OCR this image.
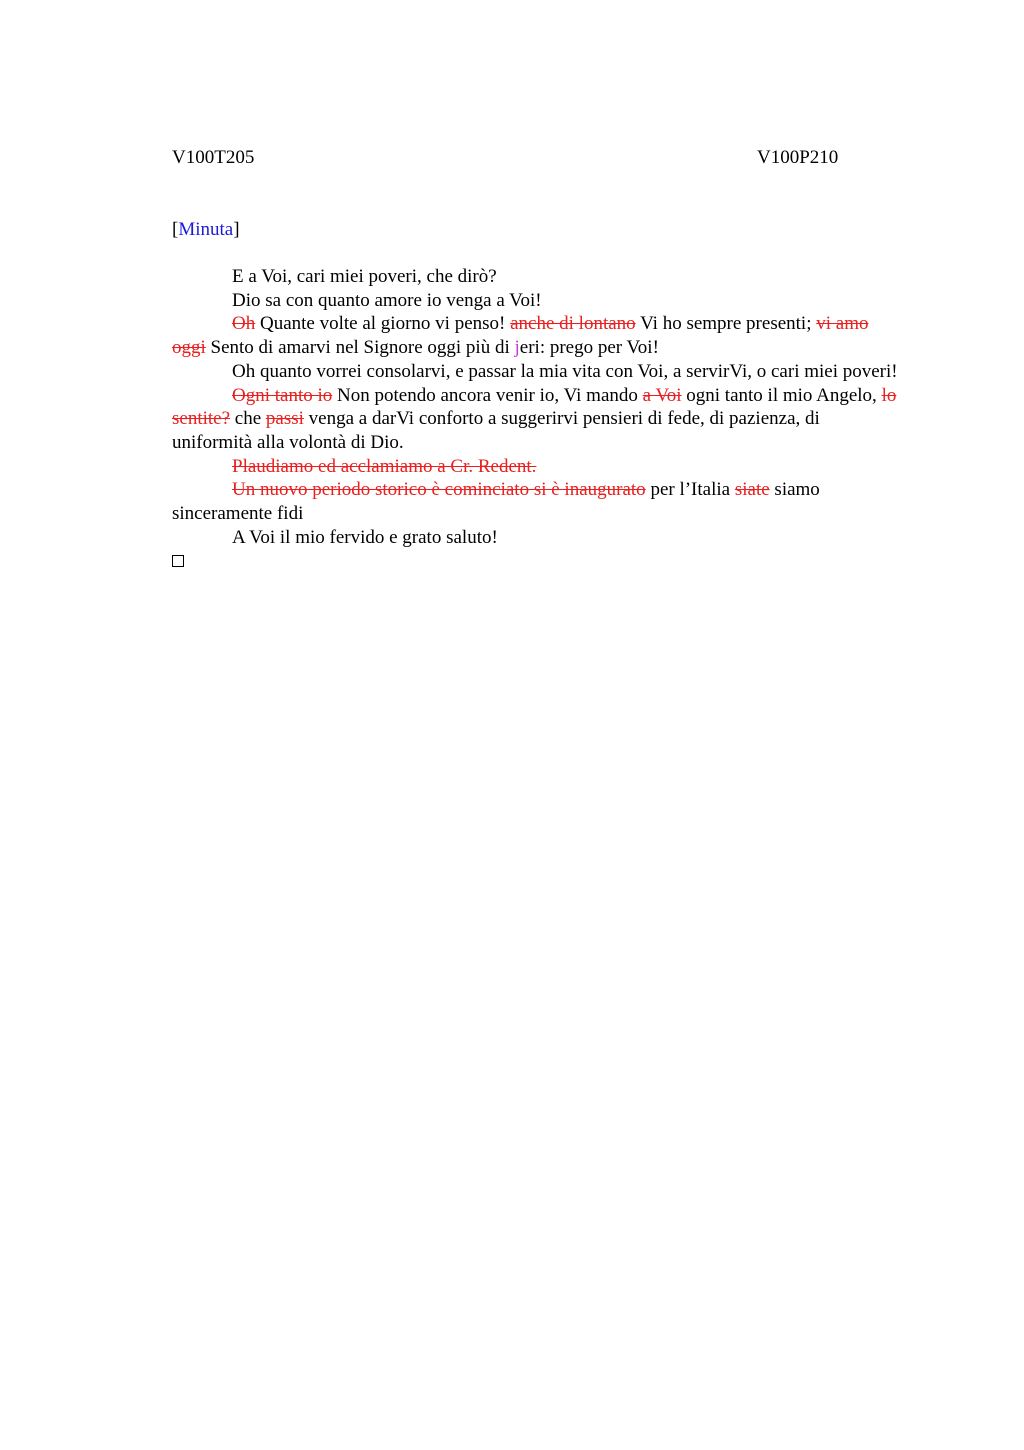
V100T205	V100P210
[Minuta]

E a Voi, cari miei poveri, che dirò?

Dio sa con quanto amore io venga a Voi!

Oh Quante volte al giorno vi penso! anche di lontano Vi ho sempre presenti; vi amo oggi Sento di amarvi nel Signore oggi più di jeri: prego per Voi!

Oh quanto vorrei consolarvi, e passar la mia vita con Voi, a servirVi, o cari miei poveri!

Ogni tanto io Non potendo ancora venir io, Vi mando a Voi ogni tanto il mio Angelo, lo sentite? che passi venga a darVi conforto a suggerirvi pensieri di fede, di pazienza, di uniformità alla volontà di Dio.

Plaudiamo ed acclamiamo a Cr. Redent.

Un nuovo periodo storico è cominciato si è inaugurato per l’Italia siate siamo sinceramente fidi

A Voi il mio fervido e grato saluto!
